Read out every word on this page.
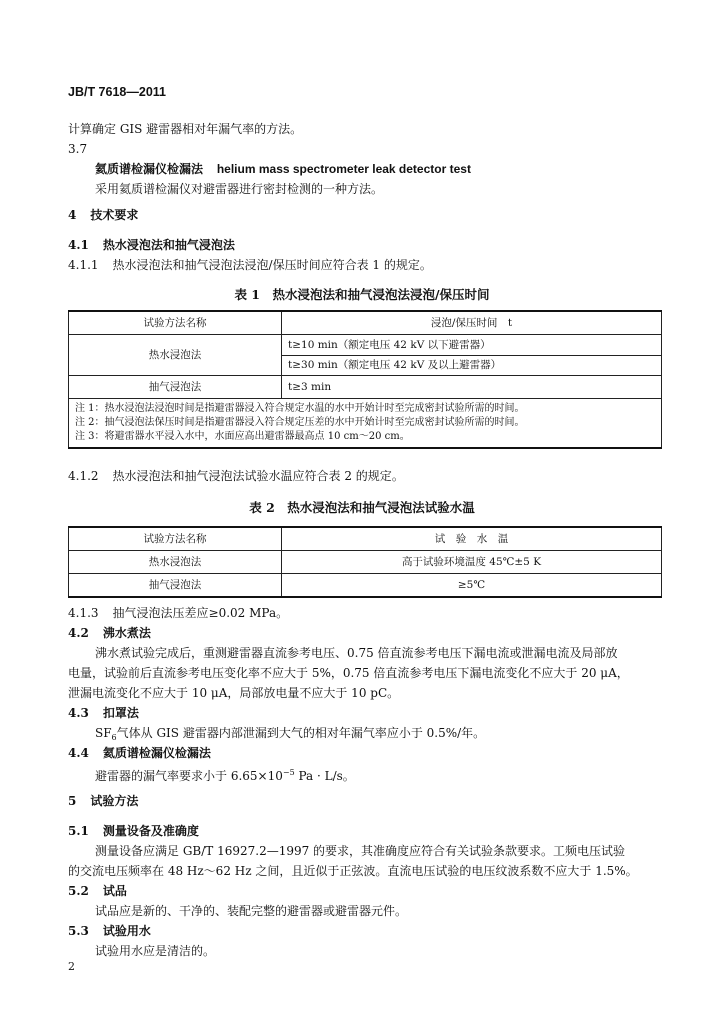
JB/T 7618—2011
计算确定 GIS 避雷器相对年漏气率的方法。
3.7
氦质谱检漏仪检漏法 helium mass spectrometer leak detector test
采用氦质谱检漏仪对避雷器进行密封检测的一种方法。
4 技术要求
4.1 热水浸泡法和抽气浸泡法
4.1.1 热水浸泡法和抽气浸泡法浸泡/保压时间应符合表 1 的规定。
表 1　热水浸泡法和抽气浸泡法浸泡/保压时间
试验方法名称	浸泡/保压时间　t
热水浸泡法	t≥10 min（额定电压 42 kV 以下避雷器）
	t≥30 min（额定电压 42 kV 及以上避雷器）
抽气浸泡法	t≥3 min

注 1：热水浸泡法浸泡时间是指避雷器浸入符合规定水温的水中开始计时至完成密封试验所需的时间。
注 2：抽气浸泡法保压时间是指避雷器浸入符合规定压差的水中开始计时至完成密封试验所需的时间。
注 3：将避雷器水平浸入水中，水面应高出避雷器最高点 10 cm～20 cm。	
4.1.2 热水浸泡法和抽气浸泡法试验水温应符合表 2 的规定。
表 2　热水浸泡法和抽气浸泡法试验水温
试验方法名称	试　验　水　温
热水浸泡法	高于试验环境温度 45℃±5 K
抽气浸泡法	≥5℃
4.1.3 抽气浸泡法压差应≥0.02 MPa。
4.2 沸水煮法
沸水煮试验完成后，重测避雷器直流参考电压、0.75 倍直流参考电压下漏电流或泄漏电流及局部放
电量，试验前后直流参考电压变化率不应大于 5%，0.75 倍直流参考电压下漏电流变化不应大于 20 μA，
泄漏电流变化不应大于 10 μA，局部放电量不应大于 10 pC。
4.3 扣罩法
$SF_6$气体从 GIS 避雷器内部泄漏到大气的相对年漏气率应小于 0.5%/年。
4.4 氦质谱检漏仪检漏法
避雷器的漏气率要求小于 $6.65\times 10^{-5}$ Pa · L/s。
5 试验方法
5.1 测量设备及准确度
测量设备应满足 GB/T 16927.2—1997 的要求，其准确度应符合有关试验条款要求。工频电压试验
的交流电压频率在 48 Hz～62 Hz 之间，且近似于正弦波。直流电压试验的电压纹波系数不应大于 1.5%。
5.2 试品
试品应是新的、干净的、装配完整的避雷器或避雷器元件。
5.3 试验用水
试验用水应是清洁的。
2
